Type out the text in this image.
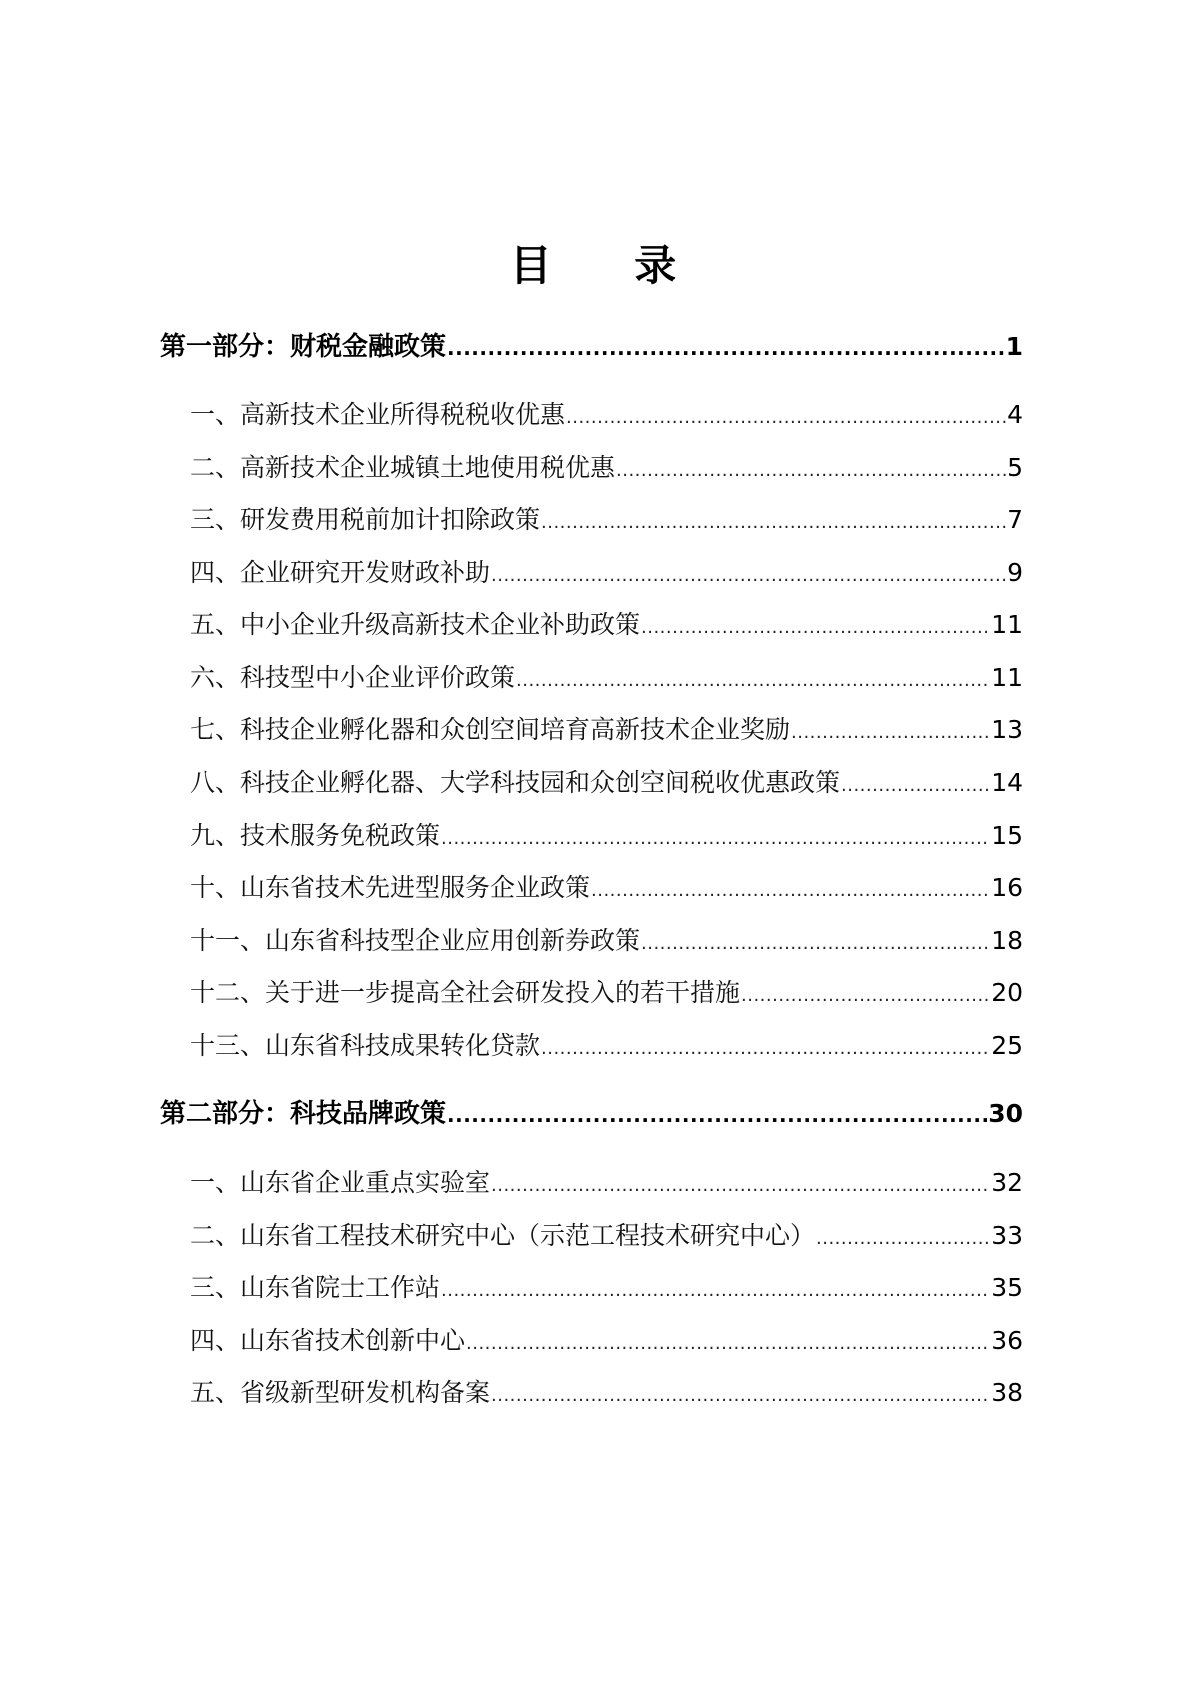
目 录
第一部分：财税金融政策 .....	1
一、高新技术企业所得税税收优惠 .....	4
二、高新技术企业城镇土地使用税优惠 .....	5
三、研发费用税前加计扣除政策 .....	7
四、企业研究开发财政补助 .....	9
五、中小企业升级高新技术企业补助政策 .....	11
六、科技型中小企业评价政策 .....	11
七、科技企业孵化器和众创空间培育高新技术企业奖励 .....	13
八、科技企业孵化器、大学科技园和众创空间税收优惠政策 .....	14
九、技术服务免税政策 .....	15
十、山东省技术先进型服务企业政策 .....	16
十一、山东省科技型企业应用创新券政策 .....	18
十二、关于进一步提高全社会研发投入的若干措施 .....	20
十三、山东省科技成果转化贷款 .....	25
第二部分：科技品牌政策 .....	30
一、山东省企业重点实验室 .....	32
二、山东省工程技术研究中心（示范工程技术研究中心） .....	33
三、山东省院士工作站 .....	35
四、山东省技术创新中心 .....	36
五、省级新型研发机构备案 .....	38
